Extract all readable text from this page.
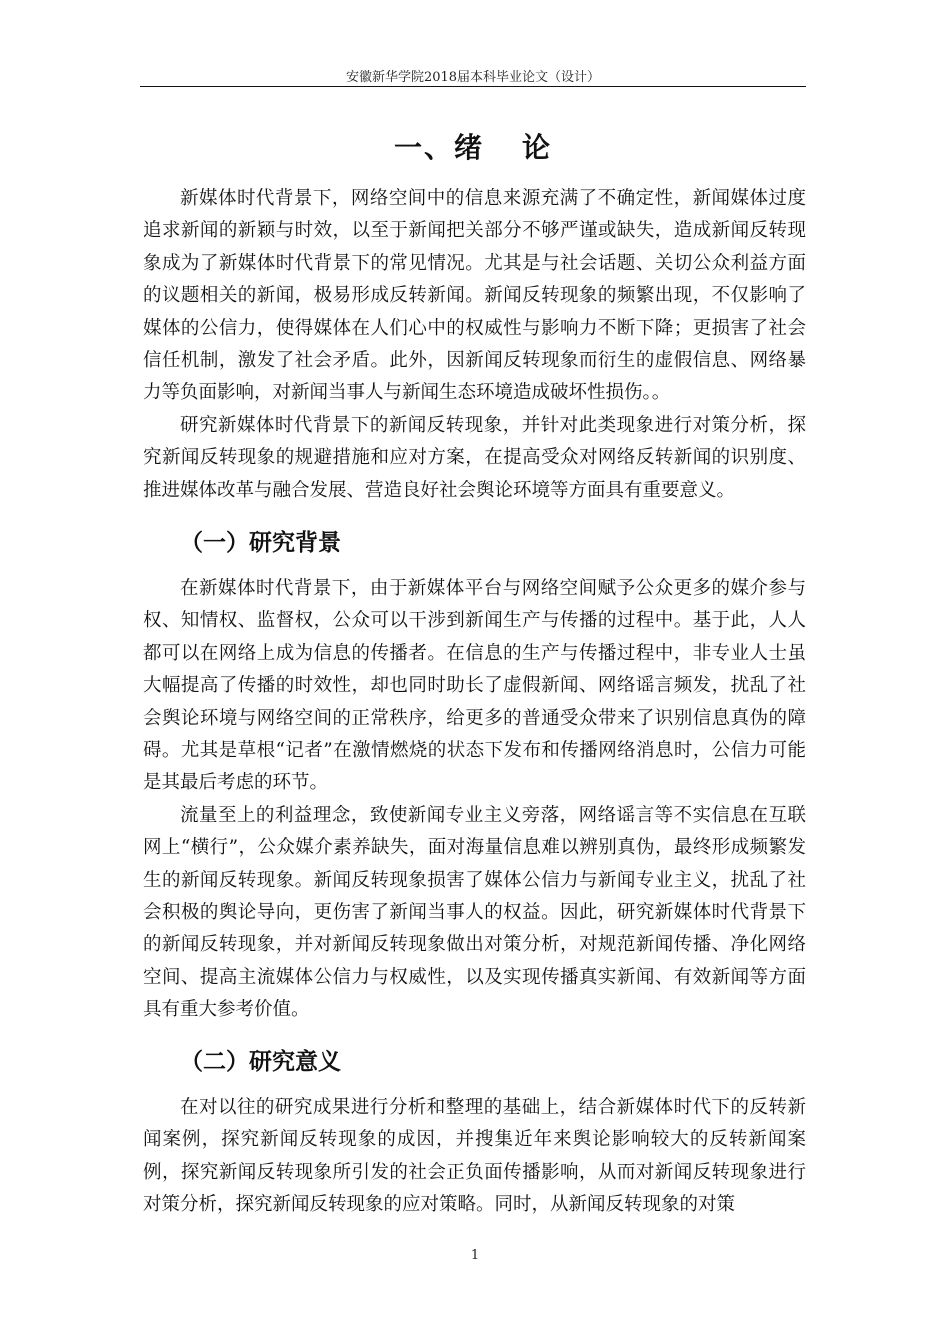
安徽新华学院2018届本科毕业论文（设计）
一、绪 论

新媒体时代背景下，网络空间中的信息来源充满了不确定性，新闻媒体过度追求新闻的新颖与时效，以至于新闻把关部分不够严谨或缺失，造成新闻反转现象成为了新媒体时代背景下的常见情况。尤其是与社会话题、关切公众利益方面的议题相关的新闻，极易形成反转新闻。新闻反转现象的频繁出现，不仅影响了媒体的公信力，使得媒体在人们心中的权威性与影响力不断下降；更损害了社会信任机制，激发了社会矛盾。此外，因新闻反转现象而衍生的虚假信息、网络暴力等负面影响，对新闻当事人与新闻生态环境造成破坏性损伤。。

研究新媒体时代背景下的新闻反转现象，并针对此类现象进行对策分析，探究新闻反转现象的规避措施和应对方案，在提高受众对网络反转新闻的识别度、推进媒体改革与融合发展、营造良好社会舆论环境等方面具有重要意义。

（一）研究背景

在新媒体时代背景下，由于新媒体平台与网络空间赋予公众更多的媒介参与权、知情权、监督权，公众可以干涉到新闻生产与传播的过程中。基于此，人人都可以在网络上成为信息的传播者。在信息的生产与传播过程中，非专业人士虽大幅提高了传播的时效性，却也同时助长了虚假新闻、网络谣言频发，扰乱了社会舆论环境与网络空间的正常秩序，给更多的普通受众带来了识别信息真伪的障碍。尤其是草根“记者”在激情燃烧的状态下发布和传播网络消息时，公信力可能是其最后考虑的环节。

流量至上的利益理念，致使新闻专业主义旁落，网络谣言等不实信息在互联网上“横行”，公众媒介素养缺失，面对海量信息难以辨别真伪，最终形成频繁发生的新闻反转现象。新闻反转现象损害了媒体公信力与新闻专业主义，扰乱了社会积极的舆论导向，更伤害了新闻当事人的权益。因此，研究新媒体时代背景下的新闻反转现象，并对新闻反转现象做出对策分析，对规范新闻传播、净化网络空间、提高主流媒体公信力与权威性，以及实现传播真实新闻、有效新闻等方面具有重大参考价值。

（二）研究意义

在对以往的研究成果进行分析和整理的基础上，结合新媒体时代下的反转新闻案例，探究新闻反转现象的成因，并搜集近年来舆论影响较大的反转新闻案例，探究新闻反转现象所引发的社会正负面传播影响，从而对新闻反转现象进行对策分析，探究新闻反转现象的应对策略。同时，从新闻反转现象的对策

1
